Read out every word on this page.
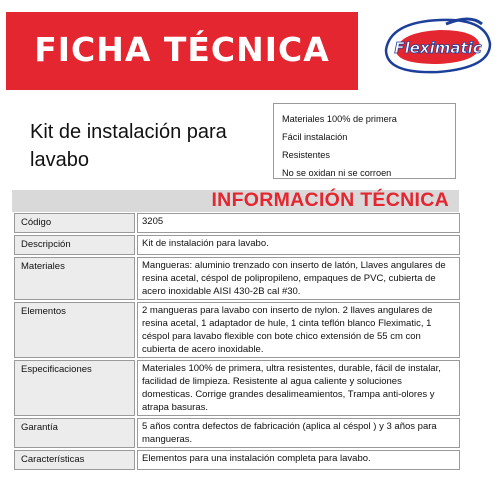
FICHA TÉCNICA	Fleximatic
Kit de instalación para lavabo
Materiales 100% de primera
Fácil instalación
Resistentes
No se oxidan ni se corroen
INFORMACIÓN TÉCNICA
Código	3205
Descripción	Kit de instalación para lavabo.
Materiales	Mangueras: aluminio trenzado con inserto de latón, Llaves angulares de resina acetal, céspol de polipropileno, empaques de PVC, cubierta de acero inoxidable AISI 430-2B cal #30.
Elementos	2 mangueras para lavabo con inserto de nylon. 2 llaves angulares de resina acetal, 1 adaptador de hule, 1 cinta teflón blanco Fleximatic, 1 céspol para lavabo flexible con bote chico extensión de 55 cm con cubierta de acero inoxidable.
Especificaciones	Materiales 100% de primera, ultra resistentes, durable, fácil de instalar, facilidad de limpieza. Resistente al agua caliente y soluciones domesticas. Corrige grandes desalimeamientos, Trampa anti-olores y atrapa basuras.
Garantía	5 años contra defectos de fabricación (aplica al céspol ) y 3 años para mangueras.
Características	Elementos para una instalación completa para lavabo.
